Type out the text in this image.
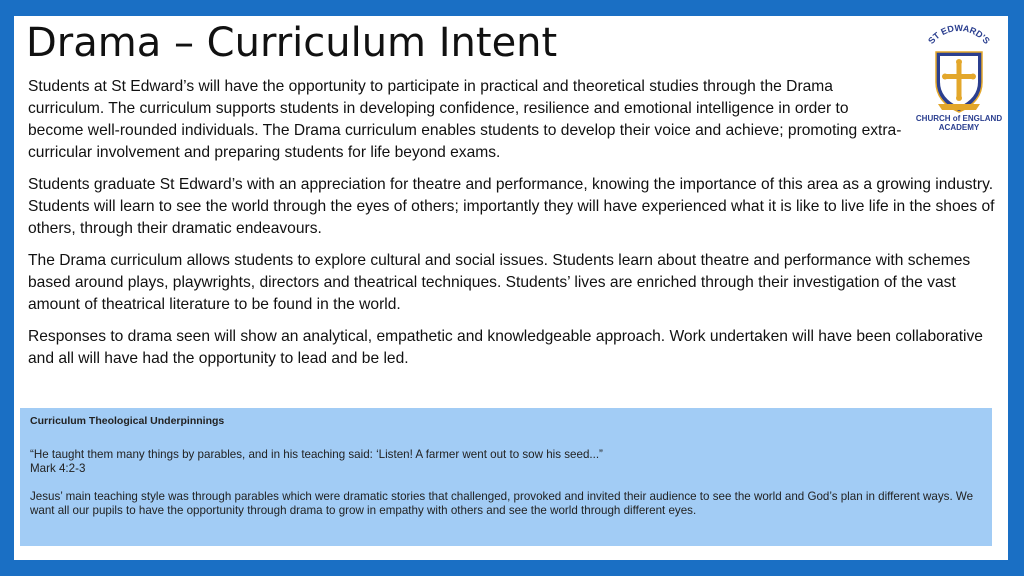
Drama – Curriculum Intent	ST EDWARD'S
CHURCH of ENGLAND
ACADEMY

Students at St Edward’s will have the opportunity to participate in practical and theoretical studies through the Drama curriculum. The curriculum supports students in developing confidence, resilience and emotional intelligence in order to become well-rounded individuals. The Drama curriculum enables students to develop their voice and achieve; promoting extra-curricular involvement and preparing students for life beyond exams.

Students graduate St Edward’s with an appreciation for theatre and performance, knowing the importance of this area as a growing industry. Students will learn to see the world through the eyes of others; importantly they will have experienced what it is like to live life in the shoes of others, through their dramatic endeavours.

The Drama curriculum allows students to explore cultural and social issues. Students learn about theatre and performance with schemes based around plays, playwrights, directors and theatrical techniques. Students’ lives are enriched through their investigation of the vast amount of theatrical literature to be found in the world.

Responses to drama seen will show an analytical, empathetic and knowledgeable approach. Work undertaken will have been collaborative and all will have had the opportunity to lead and be led.

Curriculum Theological Underpinnings
“He taught them many things by parables, and in his teaching said: ‘Listen! A farmer went out to sow his seed...”
Mark 4:2-3
Jesus’ main teaching style was through parables which were dramatic stories that challenged, provoked and invited their audience to see the world and God’s plan in different ways. We want all our pupils to have the opportunity through drama to grow in empathy with others and see the world through different eyes.
